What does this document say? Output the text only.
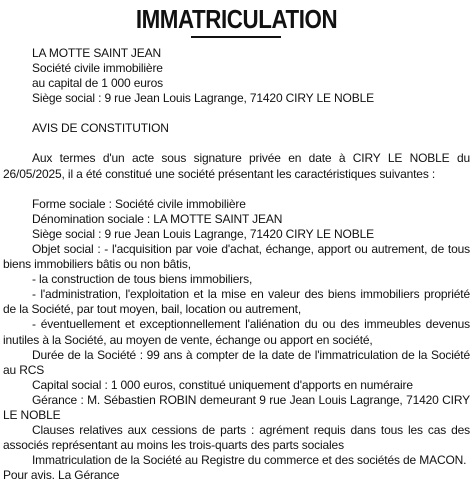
IMMATRICULATION

LA MOTTE SAINT JEAN

Société civile immobilière

au capital de 1 000 euros

Siège social : 9 rue Jean Louis Lagrange, 71420 CIRY LE NOBLE

AVIS DE CONSTITUTION

Aux termes d'un acte sous signature privée en date à CIRY LE NOBLE du 26/05/2025, il a été constitué une société présentant les caractéristiques suivantes :

Forme sociale : Société civile immobilière

Dénomination sociale : LA MOTTE SAINT JEAN

Siège social : 9 rue Jean Louis Lagrange, 71420 CIRY LE NOBLE

Objet social : - l'acquisition par voie d'achat, échange, apport ou autrement, de tous biens immobiliers bâtis ou non bâtis,

- la construction de tous biens immobiliers,

- l'administration, l'exploitation et la mise en valeur des biens immobiliers propriété de la Société, par tout moyen, bail, location ou autrement,

- éventuellement et exceptionnellement l'aliénation du ou des immeubles devenus inutiles à la Société, au moyen de vente, échange ou apport en société,

Durée de la Société : 99 ans à compter de la date de l'immatriculation de la Société au RCS

Capital social : 1 000 euros, constitué uniquement d'apports en numéraire

Gérance : M. Sébastien ROBIN demeurant 9 rue Jean Louis Lagrange, 71420 CIRY LE NOBLE

Clauses relatives aux cessions de parts : agrément requis dans tous les cas des associés représentant au moins les trois-quarts des parts sociales

Immatriculation de la Société au Registre du commerce et des sociétés de MACON.

Pour avis. La Gérance
